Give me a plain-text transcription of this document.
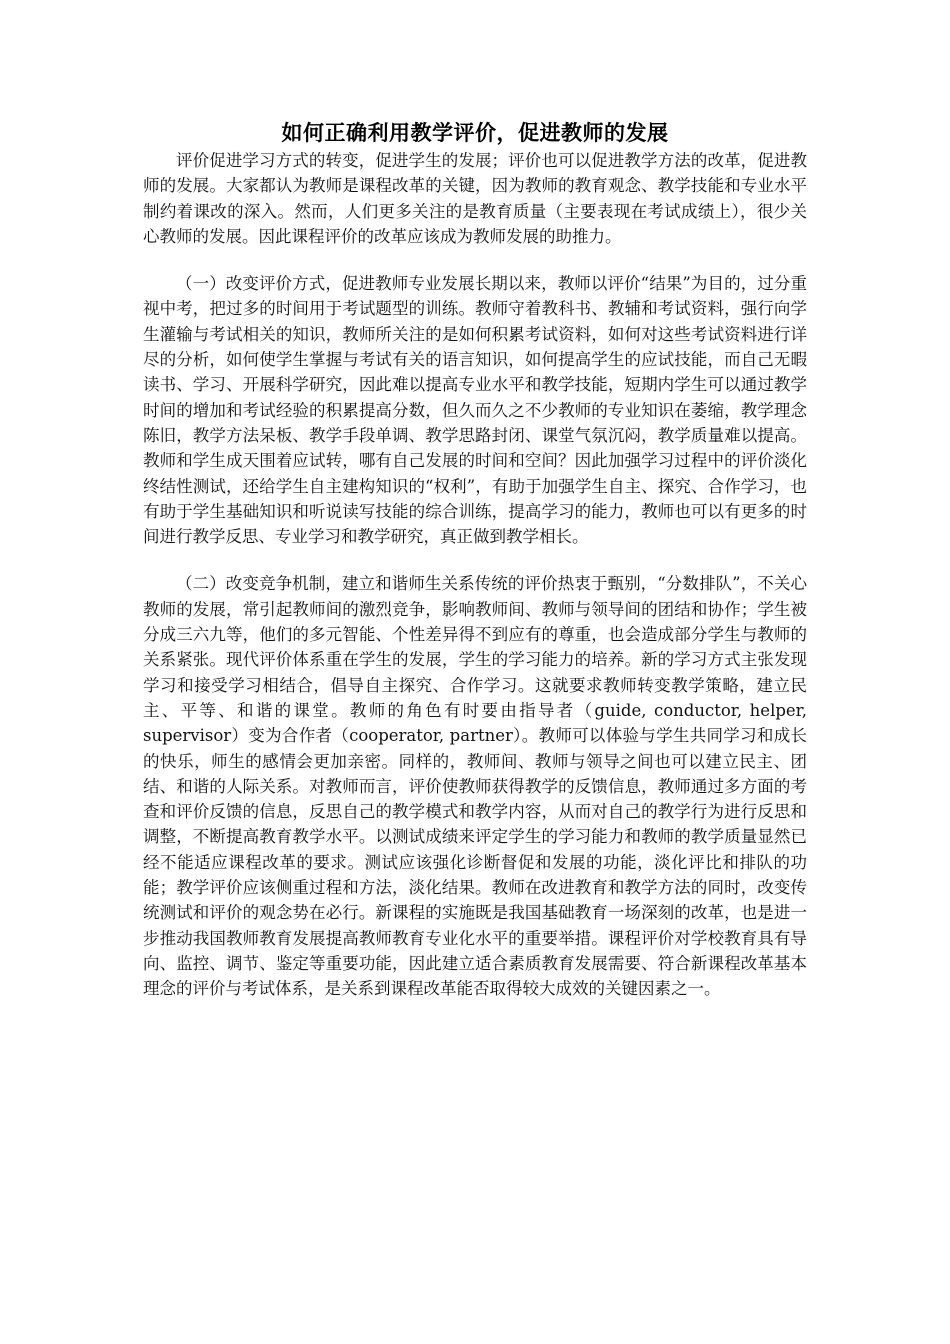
如何正确利用教学评价，促进教师的发展

评价促进学习方式的转变，促进学生的发展；评价也可以促进教学方法的改革，促进教师的发展。大家都认为教师是课程改革的关键，因为教师的教育观念、教学技能和专业水平制约着课改的深入。然而，人们更多关注的是教育质量（主要表现在考试成绩上），很少关心教师的发展。因此课程评价的改革应该成为教师发展的助推力。

（一）改变评价方式，促进教师专业发展长期以来，教师以评价“结果”为目的，过分重视中考，把过多的时间用于考试题型的训练。教师守着教科书、教辅和考试资料，强行向学生灌输与考试相关的知识，教师所关注的是如何积累考试资料，如何对这些考试资料进行详尽的分析，如何使学生掌握与考试有关的语言知识，如何提高学生的应试技能，而自己无暇读书、学习、开展科学研究，因此难以提高专业水平和教学技能，短期内学生可以通过教学时间的增加和考试经验的积累提高分数，但久而久之不少教师的专业知识在萎缩，教学理念陈旧，教学方法呆板、教学手段单调、教学思路封闭、课堂气氛沉闷，教学质量难以提高。教师和学生成天围着应试转，哪有自己发展的时间和空间？因此加强学习过程中的评价淡化终结性测试，还给学生自主建构知识的“权利”，有助于加强学生自主、探究、合作学习，也有助于学生基础知识和听说读写技能的综合训练，提高学习的能力，教师也可以有更多的时间进行教学反思、专业学习和教学研究，真正做到教学相长。

（二）改变竞争机制，建立和谐师生关系传统的评价热衷于甄别，“分数排队”，不关心教师的发展，常引起教师间的激烈竞争，影响教师间、教师与领导间的团结和协作；学生被分成三六九等，他们的多元智能、个性差异得不到应有的尊重，也会造成部分学生与教师的关系紧张。现代评价体系重在学生的发展，学生的学习能力的培养。新的学习方式主张发现学习和接受学习相结合，倡导自主探究、合作学习。这就要求教师转变教学策略，建立民主、平等、和谐的课堂。教师的角色有时要由指导者（guide, conductor, helper, supervisor）变为合作者（cooperator, partner）。教师可以体验与学生共同学习和成长的快乐，师生的感情会更加亲密。同样的，教师间、教师与领导之间也可以建立民主、团结、和谐的人际关系。对教师而言，评价使教师获得教学的反馈信息，教师通过多方面的考查和评价反馈的信息，反思自己的教学模式和教学内容，从而对自己的教学行为进行反思和调整，不断提高教育教学水平。以测试成绩来评定学生的学习能力和教师的教学质量显然已经不能适应课程改革的要求。测试应该强化诊断督促和发展的功能，淡化评比和排队的功能；教学评价应该侧重过程和方法，淡化结果。教师在改进教育和教学方法的同时，改变传统测试和评价的观念势在必行。新课程的实施既是我国基础教育一场深刻的改革，也是进一步推动我国教师教育发展提高教师教育专业化水平的重要举措。课程评价对学校教育具有导向、监控、调节、鉴定等重要功能，因此建立适合素质教育发展需要、符合新课程改革基本理念的评价与考试体系，是关系到课程改革能否取得较大成效的关键因素之一。
